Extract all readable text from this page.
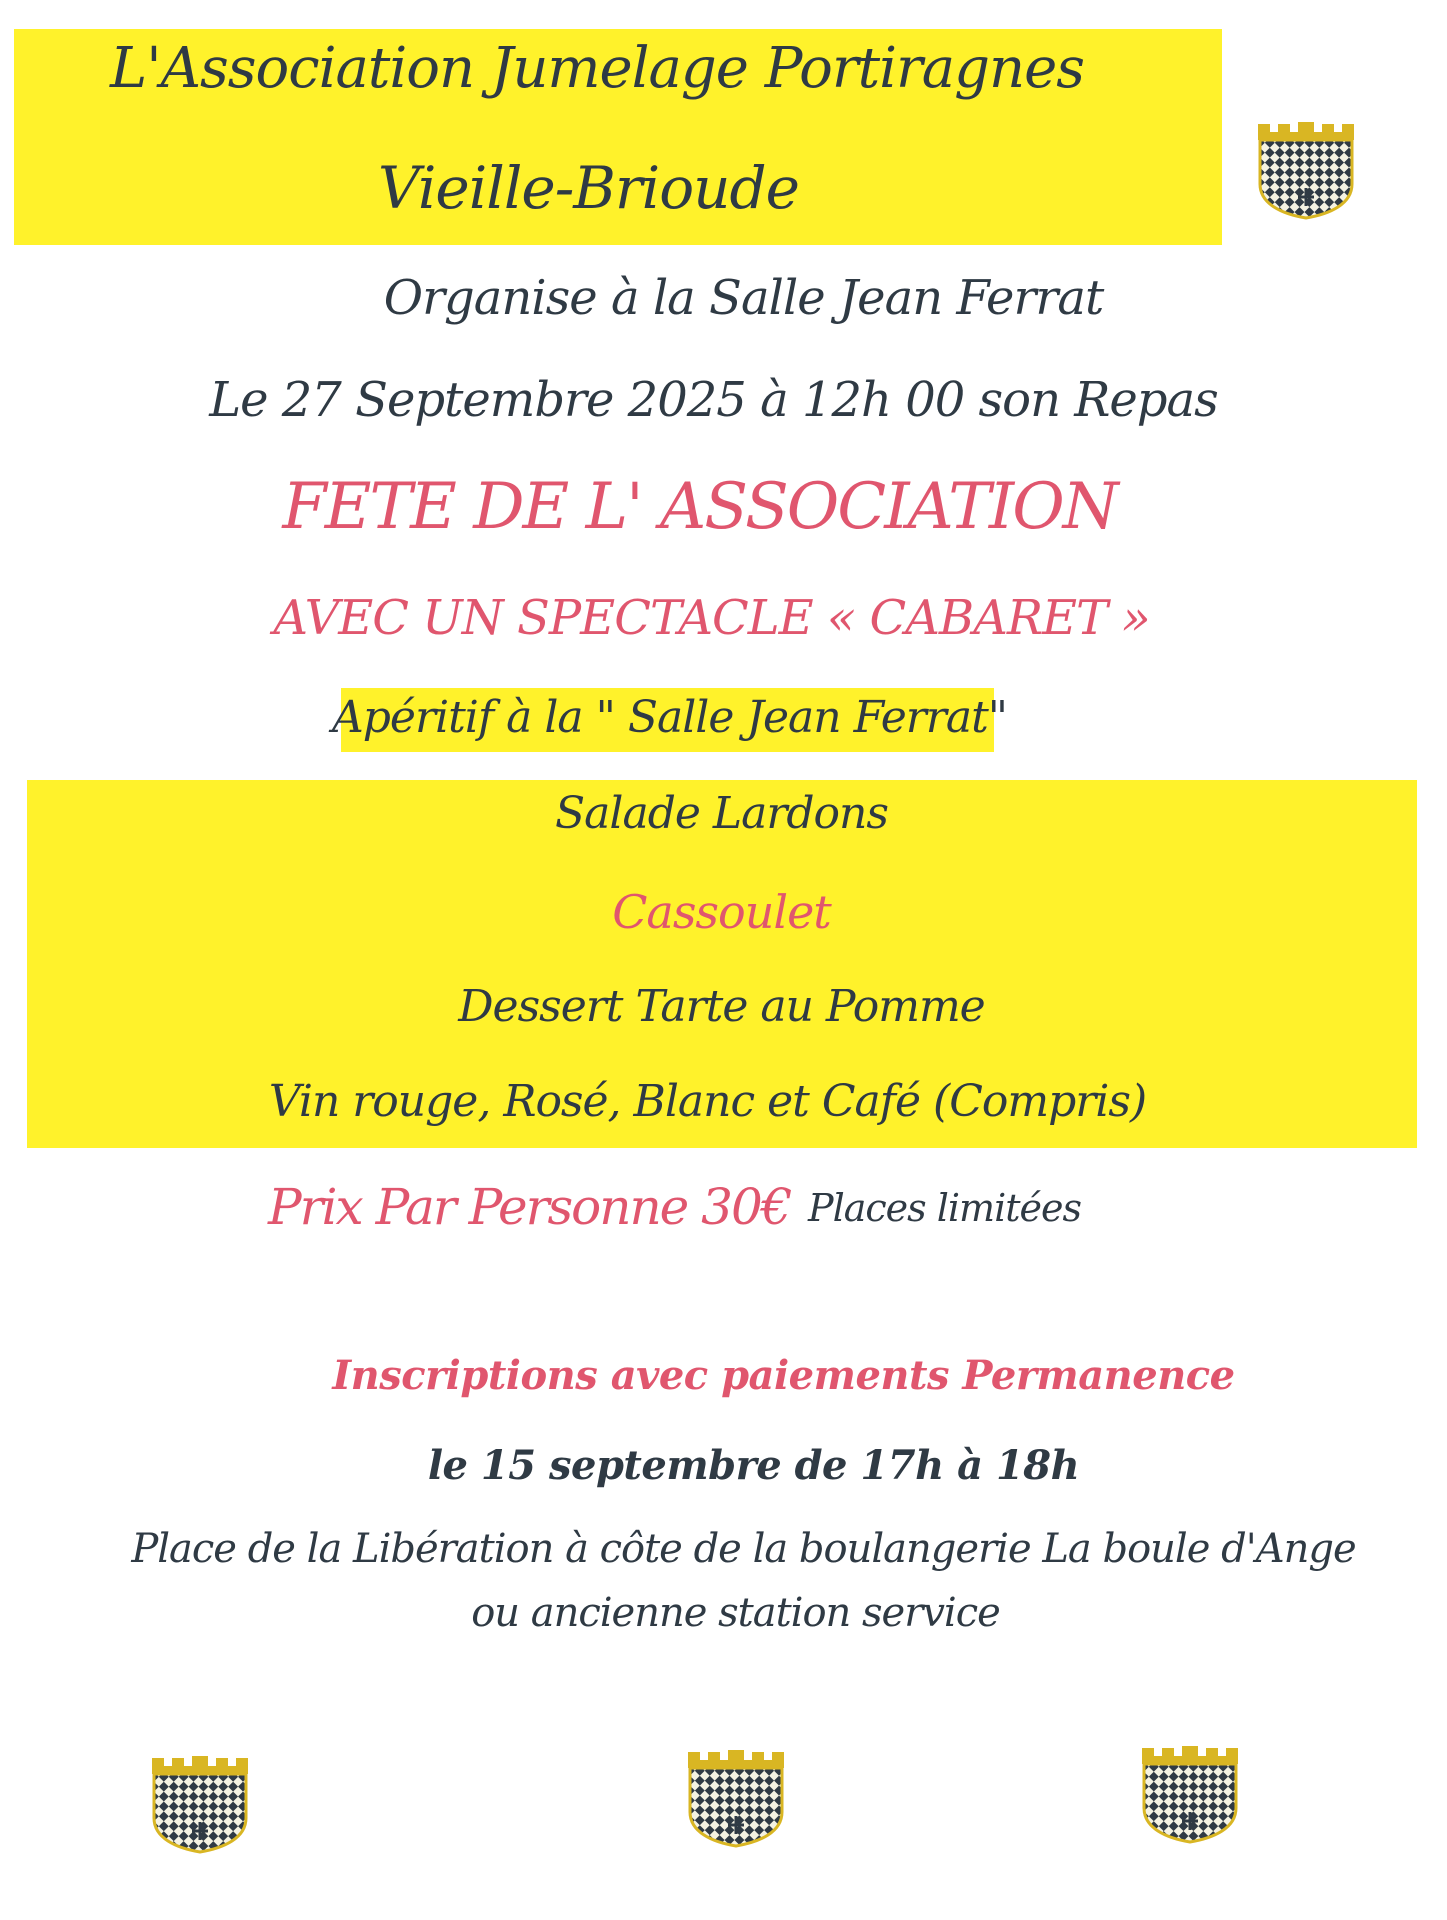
L'Association Jumelage Portiragnes
Vieille-Brioude
Organise à la Salle Jean Ferrat
Le 27 Septembre 2025 à 12h 00 son Repas
FETE DE L' ASSOCIATION
AVEC UN SPECTACLE « CABARET »
Apéritif à la " Salle Jean Ferrat"
Salade Lardons
Cassoulet
Dessert Tarte au Pomme
Vin rouge, Rosé, Blanc et Café (Compris)
Prix Par Personne 30€ Places limitées
Inscriptions avec paiements Permanence
le 15 septembre de 17h à 18h
Place de la Libération à côte de la boulangerie La boule d'Ange
ou ancienne station service
